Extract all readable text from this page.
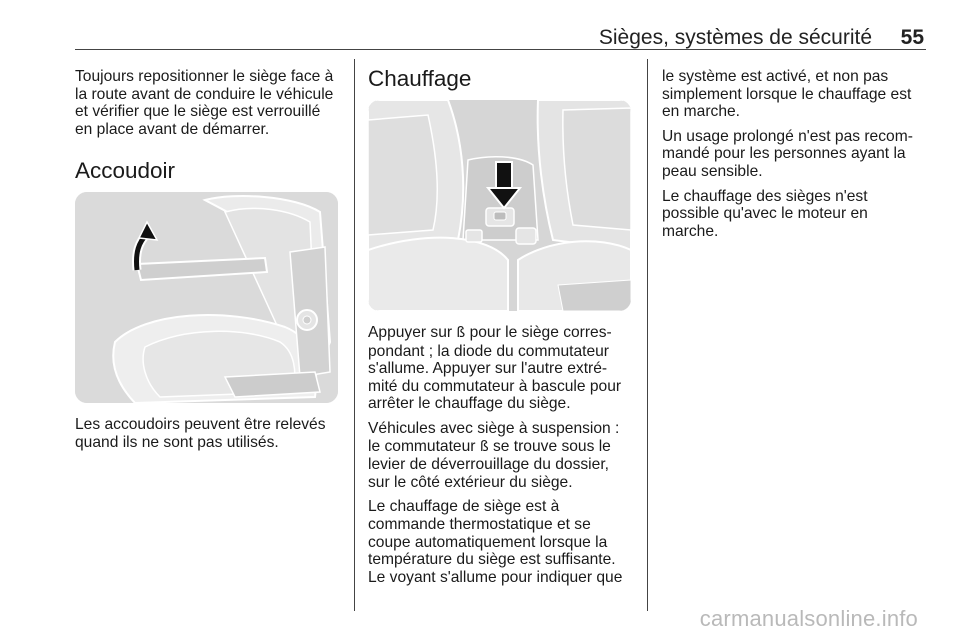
Sièges, systèmes de sécurité 55
Toujours repositionner le siège face à
la route avant de conduire le véhicule
et vérifier que le siège est verrouillé
en place avant de démarrer.
Accoudoir
Les accoudoirs peuvent être relevés
quand ils ne sont pas utilisés.
Chauffage

Appuyer sur ß pour le siège corres-
pondant ; la diode du commutateur
s'allume. Appuyer sur l'autre extré-
mité du commutateur à bascule pour
arrêter le chauffage du siège.

Véhicules avec siège à suspension :
le commutateur ß se trouve sous le
levier de déverrouillage du dossier,
sur le côté extérieur du siège.

Le chauffage de siège est à
commande thermostatique et se
coupe automatiquement lorsque la
température du siège est suffisante.
Le voyant s'allume pour indiquer que

le système est activé, et non pas
simplement lorsque le chauffage est
en marche.

Un usage prolongé n'est pas recom-
mandé pour les personnes ayant la
peau sensible.

Le chauffage des sièges n'est
possible qu'avec le moteur en
marche.

carmanualsonline.info
